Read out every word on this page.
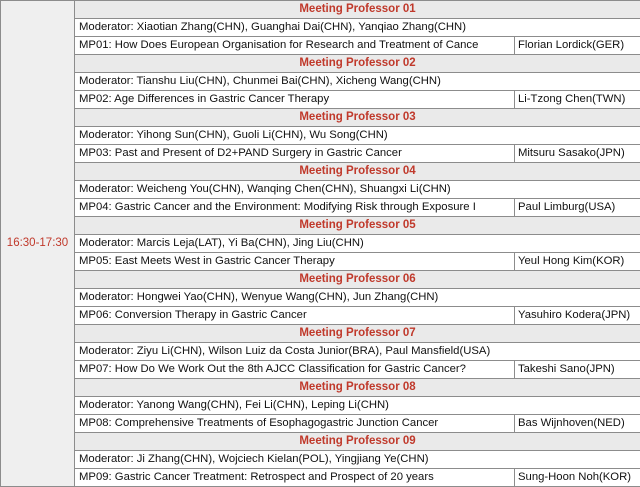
16:30-17:30	Meeting Professor 01	
	Moderator: Xiaotian Zhang(CHN), Guanghai Dai(CHN), Yanqiao Zhang(CHN)	
	MP01: How Does European Organisation for Research and Treatment of Cance	Florian Lordick(GER)
	Meeting Professor 02	
	Moderator: Tianshu Liu(CHN), Chunmei Bai(CHN), Xicheng Wang(CHN)	
	MP02: Age Differences in Gastric Cancer Therapy	Li-Tzong Chen(TWN)
	Meeting Professor 03	
	Moderator: Yihong Sun(CHN), Guoli Li(CHN), Wu Song(CHN)	
	MP03: Past and Present of D2+PAND Surgery in Gastric Cancer	Mitsuru Sasako(JPN)
	Meeting Professor 04	
	Moderator: Weicheng You(CHN), Wanqing Chen(CHN), Shuangxi Li(CHN)	
	MP04: Gastric Cancer and the Environment: Modifying Risk through Exposure I	Paul Limburg(USA)
	Meeting Professor 05	
	Moderator: Marcis Leja(LAT), Yi Ba(CHN), Jing Liu(CHN)	
	MP05: East Meets West in Gastric Cancer Therapy	Yeul Hong Kim(KOR)
	Meeting Professor 06	
	Moderator: Hongwei Yao(CHN), Wenyue Wang(CHN), Jun Zhang(CHN)	
	MP06: Conversion Therapy in Gastric Cancer	Yasuhiro Kodera(JPN)
	Meeting Professor 07	
	Moderator: Ziyu Li(CHN), Wilson Luiz da Costa Junior(BRA), Paul Mansfield(USA)	
	MP07: How Do We Work Out the 8th AJCC Classification for Gastric Cancer?	Takeshi Sano(JPN)
	Meeting Professor 08	
	Moderator: Yanong Wang(CHN), Fei Li(CHN), Leping Li(CHN)	
	MP08: Comprehensive Treatments of Esophagogastric Junction Cancer	Bas Wijnhoven(NED)
	Meeting Professor 09	
	Moderator: Ji Zhang(CHN), Wojciech Kielan(POL), Yingjiang Ye(CHN)	
	MP09: Gastric Cancer Treatment: Retrospect and Prospect of 20 years	Sung-Hoon Noh(KOR)
